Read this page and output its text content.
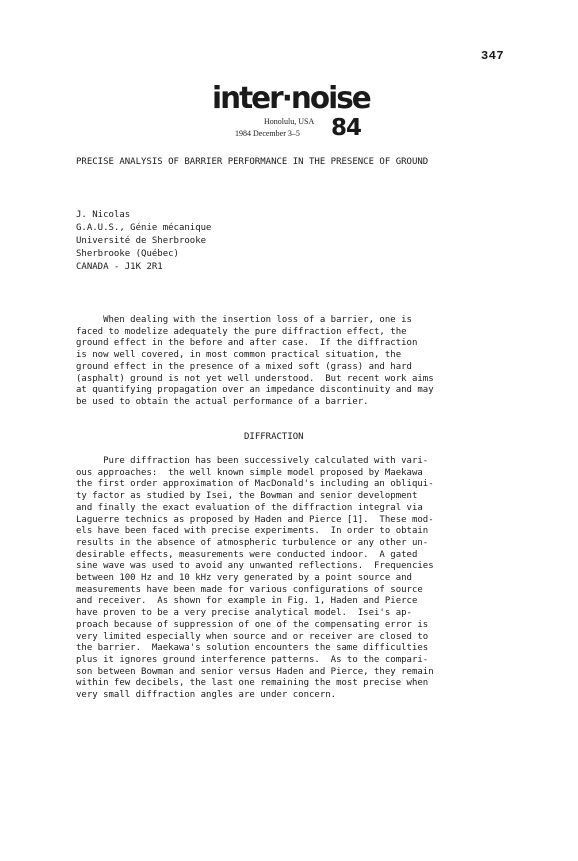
347
inter·noise
Honolulu, USA
1984 December 3–5 84
PRECISE ANALYSIS OF BARRIER PERFORMANCE IN THE PRESENCE OF GROUND
J. Nicolas
G.A.U.S., Génie mécanique
Université de Sherbrooke
Sherbrooke (Québec)
CANADA - J1K 2R1
When dealing with the insertion loss of a barrier, one is
faced to modelize adequately the pure diffraction effect, the
ground effect in the before and after case.  If the diffraction
is now well covered, in most common practical situation, the
ground effect in the presence of a mixed soft (grass) and hard
(asphalt) ground is not yet well understood.  But recent work aims
at quantifying propagation over an impedance discontinuity and may
be used to obtain the actual performance of a barrier.
DIFFRACTION
Pure diffraction has been successively calculated with vari-
ous approaches:  the well known simple model proposed by Maekawa
the first order approximation of MacDonald's including an obliqui-
ty factor as studied by Isei, the Bowman and senior development
and finally the exact evaluation of the diffraction integral via
Laguerre technics as proposed by Haden and Pierce [1].  These mod-
els have been faced with precise experiments.  In order to obtain
results in the absence of atmospheric turbulence or any other un-
desirable effects, measurements were conducted indoor.  A gated
sine wave was used to avoid any unwanted reflections.  Frequencies
between 100 Hz and 10 kHz very generated by a point source and
measurements have been made for various configurations of source
and receiver.  As shown for example in Fig. 1, Haden and Pierce
have proven to be a very precise analytical model.  Isei's ap-
proach because of suppression of one of the compensating error is
very limited especially when source and or receiver are closed to
the barrier.  Maekawa's solution encounters the same difficulties
plus it ignores ground interference patterns.  As to the compari-
son between Bowman and senior versus Haden and Pierce, they remain
within few decibels, the last one remaining the most precise when
very small diffraction angles are under concern.
